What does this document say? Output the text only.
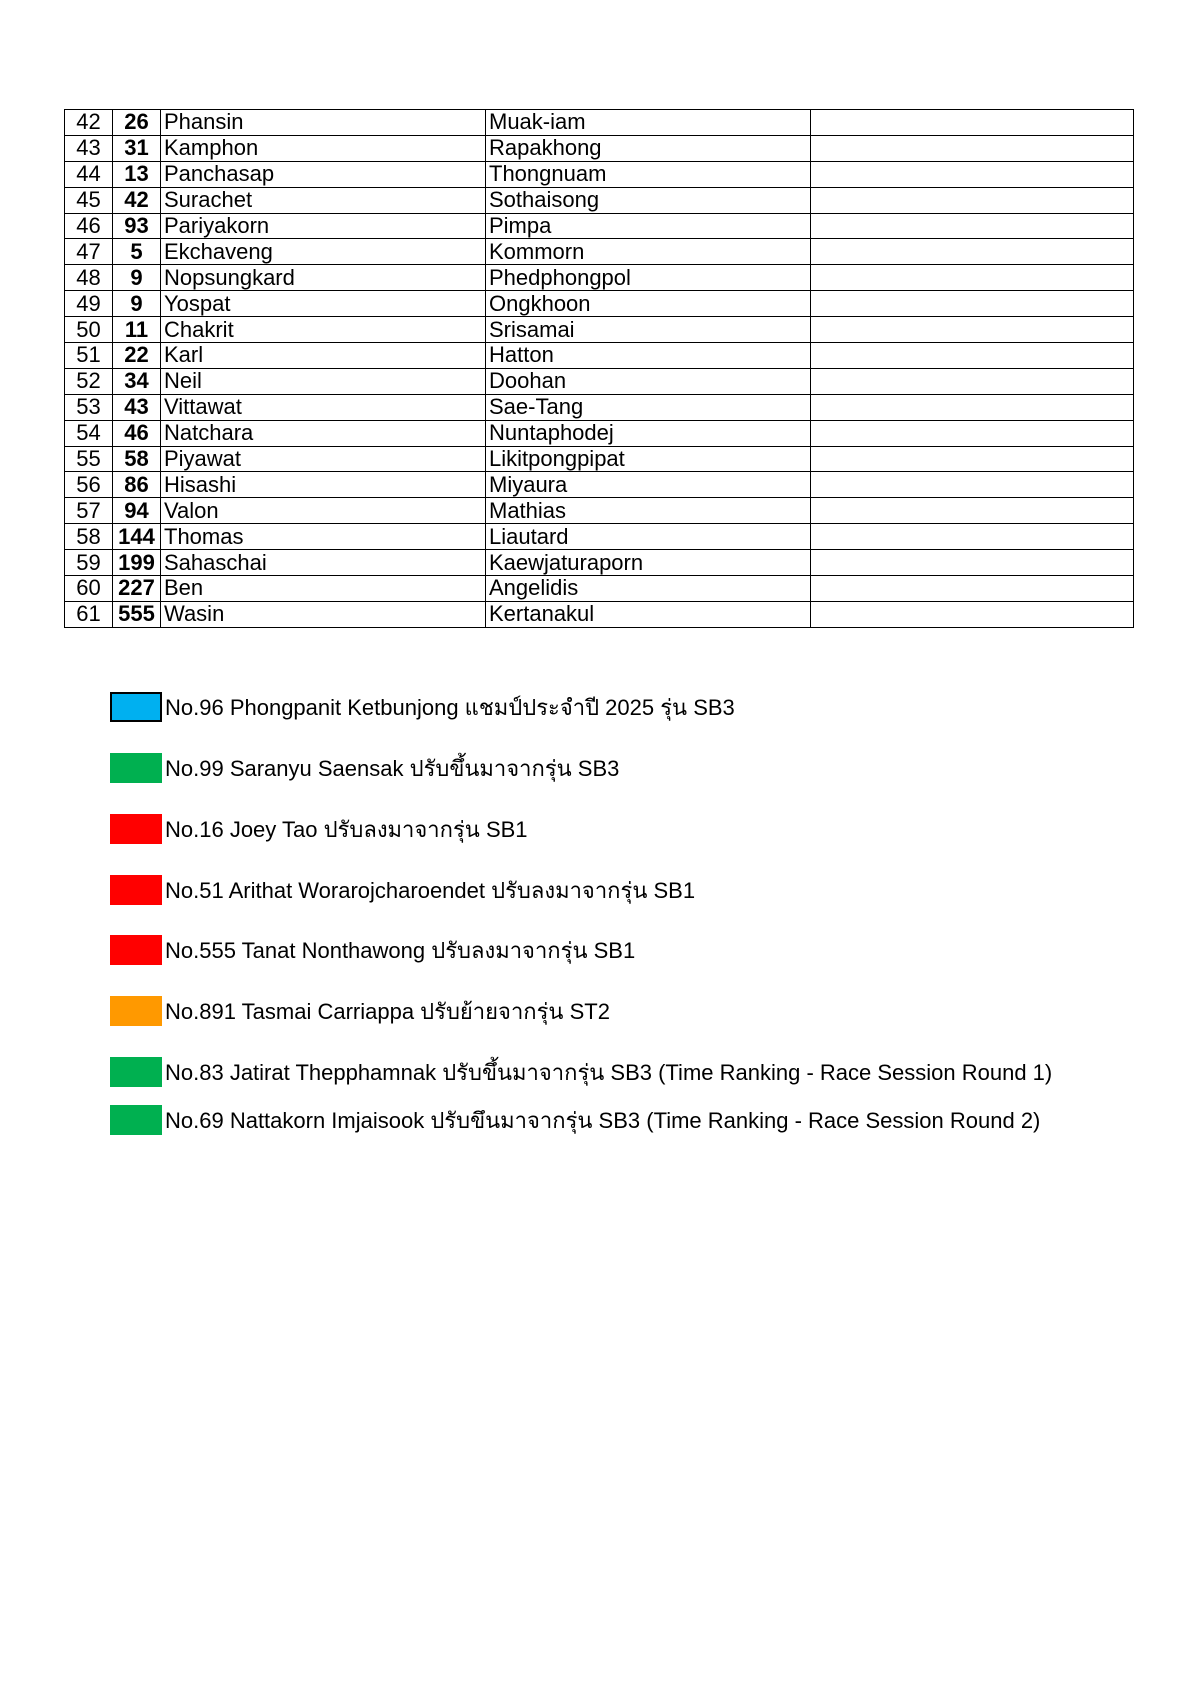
42	26	Phansin	Muak-iam	
43	31	Kamphon	Rapakhong	
44	13	Panchasap	Thongnuam	
45	42	Surachet	Sothaisong	
46	93	Pariyakorn	Pimpa	
47	5	Ekchaveng	Kommorn	
48	9	Nopsungkard	Phedphongpol	
49	9	Yospat	Ongkhoon	
50	11	Chakrit	Srisamai	
51	22	Karl	Hatton	
52	34	Neil	Doohan	
53	43	Vittawat	Sae-Tang	
54	46	Natchara	Nuntaphodej	
55	58	Piyawat	Likitpongpipat	
56	86	Hisashi	Miyaura	
57	94	Valon	Mathias	
58	144	Thomas	Liautard	
59	199	Sahaschai	Kaewjaturaporn	
60	227	Ben	Angelidis	
61	555	Wasin	Kertanakul	
No.96 Phongpanit Ketbunjong แชมป์ประจำปี 2025 รุ่น SB3
No.99 Saranyu Saensak ปรับขึ้นมาจากรุ่น SB3
No.16 Joey Tao ปรับลงมาจากรุ่น SB1
No.51 Arithat Worarojcharoendet ปรับลงมาจากรุ่น SB1
No.555 Tanat Nonthawong ปรับลงมาจากรุ่น SB1
No.891 Tasmai Carriappa ปรับย้ายจากรุ่น ST2
No.83 Jatirat Thepphamnak ปรับขึ้นมาจากรุ่น SB3 (Time Ranking - Race Session Round 1)
No.69 Nattakorn Imjaisook ปรับขึนมาจากรุ่น SB3 (Time Ranking - Race Session Round 2)
